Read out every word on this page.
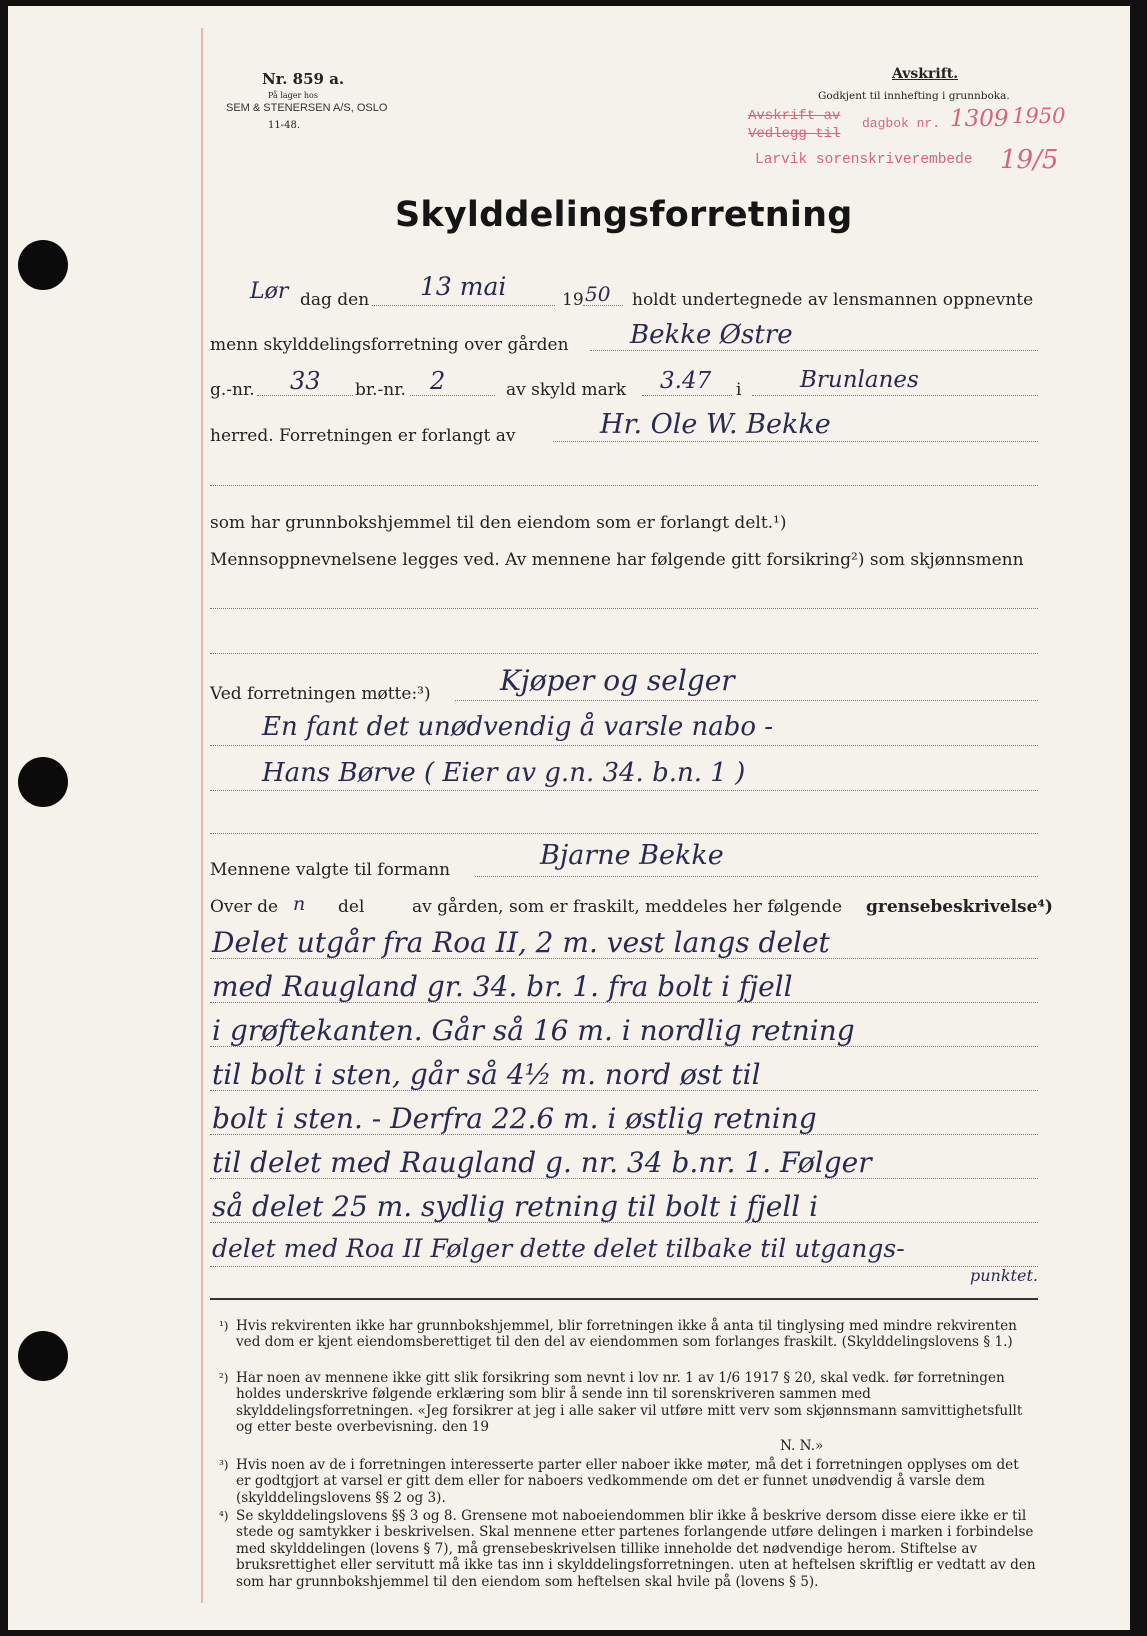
Nr. 859 a.
På lager hos
SEM & STENERSEN A/S, OSLO
11-48.
Avskrift.
Godkjent til innhefting i grunnboka.
Avskrift av
Vedlegg til
dagbok nr. 1309 1950
Larvik sorenskriverembede 19/5
Skylddelingsforretning
Lør dag den 13 mai	19 50 holdt undertegnede av lensmannen oppnevnte
menn skylddelingsforretning over gården Bekke Østre
g.-nr. 33 br.-nr. 2	av skyld mark 3.47 i	Brunlanes
herred. Forretningen er forlangt av	Hr. Ole W. Bekke
som har grunnbokshjemmel til den eiendom som er forlangt delt.¹)
Mennsoppnevnelsene legges ved. Av mennene har følgende gitt forsikring²) som skjønnsmenn
Ved forretningen møtte:³) Kjøper og selger
En fant det unødvendig å varsle nabo -
Hans Børve ( Eier av g.n. 34. b.n. 1 )
Mennene valgte til formann	Bjarne Bekke
Over de n del	av gården, som er fraskilt, meddeles her følgende grensebeskrivelse⁴)
Delet utgår fra Roa II, 2 m. vest langs delet
med Raugland gr. 34. br. 1. fra bolt i fjell
i grøftekanten. Går så 16 m. i nordlig retning
til bolt i sten, går så 4½ m. nord øst til
bolt i sten. - Derfra 22.6 m. i østlig retning
til delet med Raugland g. nr. 34 b.nr. 1. Følger
så delet 25 m. sydlig retning til bolt i fjell i
delet med Roa II Følger dette delet tilbake til utgangs-
punktet.
¹) Hvis rekvirenten ikke har grunnbokshjemmel, blir forretningen ikke å anta til tinglysing med mindre rekvirenten ved dom er kjent eiendomsberettiget til den del av eiendommen som forlanges fraskilt. (Skylddelingslovens § 1.)
²) Har noen av mennene ikke gitt slik forsikring som nevnt i lov nr. 1 av 1/6 1917 § 20, skal vedk. før forretningen holdes underskrive følgende erklæring som blir å sende inn til sorenskriveren sammen med skylddelingsforretningen. «Jeg forsikrer at jeg i alle saker vil utføre mitt verv som skjønnsmann samvittighetsfullt og etter beste overbevisning. den 19
N. N.»
³) Hvis noen av de i forretningen interesserte parter eller naboer ikke møter, må det i forretningen opplyses om det er godtgjort at varsel er gitt dem eller for naboers vedkommende om det er funnet unødvendig å varsle dem (skylddelingslovens §§ 2 og 3).
⁴) Se skylddelingslovens §§ 3 og 8. Grensene mot naboeiendommen blir ikke å beskrive dersom disse eiere ikke er til stede og samtykker i beskrivelsen. Skal mennene etter partenes forlangende utføre delingen i marken i forbindelse med skylddelingen (lovens § 7), må grensebeskrivelsen tillike inneholde det nødvendige herom. Stiftelse av bruksrettighet eller servitutt må ikke tas inn i skylddelingsforretningen. uten at heftelsen skriftlig er vedtatt av den som har grunnbokshjemmel til den eiendom som heftelsen skal hvile på (lovens § 5).
